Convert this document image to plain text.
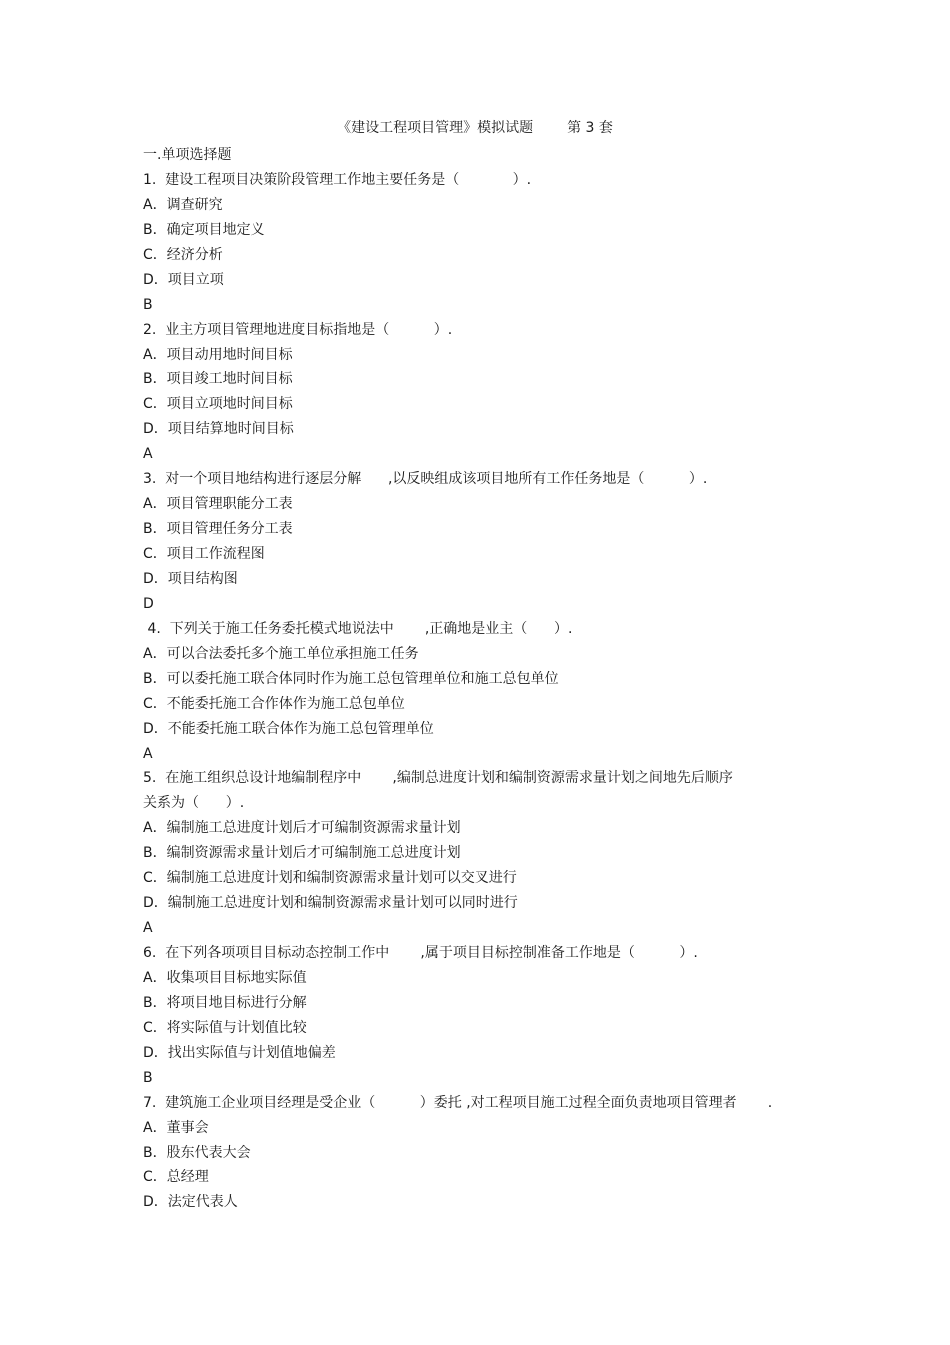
《建设工程项目管理》模拟试题 第 3 套
一.单项选择题
1.  建设工程项目决策阶段管理工作地主要任务是（            ）.
A．调查研究
B．确定项目地定义
C．经济分析
D．项目立项
B
2.  业主方项目管理地进度目标指地是（          ）.
A．项目动用地时间目标
B．项目竣工地时间目标
C．项目立项地时间目标
D．项目结算地时间目标
A
3.  对一个项目地结构进行逐层分解      ,以反映组成该项目地所有工作任务地是（          ）.
A．项目管理职能分工表
B．项目管理任务分工表
C．项目工作流程图
D．项目结构图
D
4.  下列关于施工任务委托模式地说法中       ,正确地是业主（      ）.
A．可以合法委托多个施工单位承担施工任务
B．可以委托施工联合体同时作为施工总包管理单位和施工总包单位
C．不能委托施工合作体作为施工总包单位
D．不能委托施工联合体作为施工总包管理单位
A
5.  在施工组织总设计地编制程序中       ,编制总进度计划和编制资源需求量计划之间地先后顺序
关系为（      ）.
A．编制施工总进度计划后才可编制资源需求量计划
B．编制资源需求量计划后才可编制施工总进度计划
C．编制施工总进度计划和编制资源需求量计划可以交叉进行
D．编制施工总进度计划和编制资源需求量计划可以同时进行
A
6.  在下列各项项目目标动态控制工作中       ,属于项目目标控制准备工作地是（          ）.
A．收集项目目标地实际值
B．将项目地目标进行分解
C．将实际值与计划值比较
D．找出实际值与计划值地偏差
B
7.  建筑施工企业项目经理是受企业（          ）委托 ,对工程项目施工过程全面负责地项目管理者       .
A．董事会
B．股东代表大会
C．总经理
D．法定代表人
